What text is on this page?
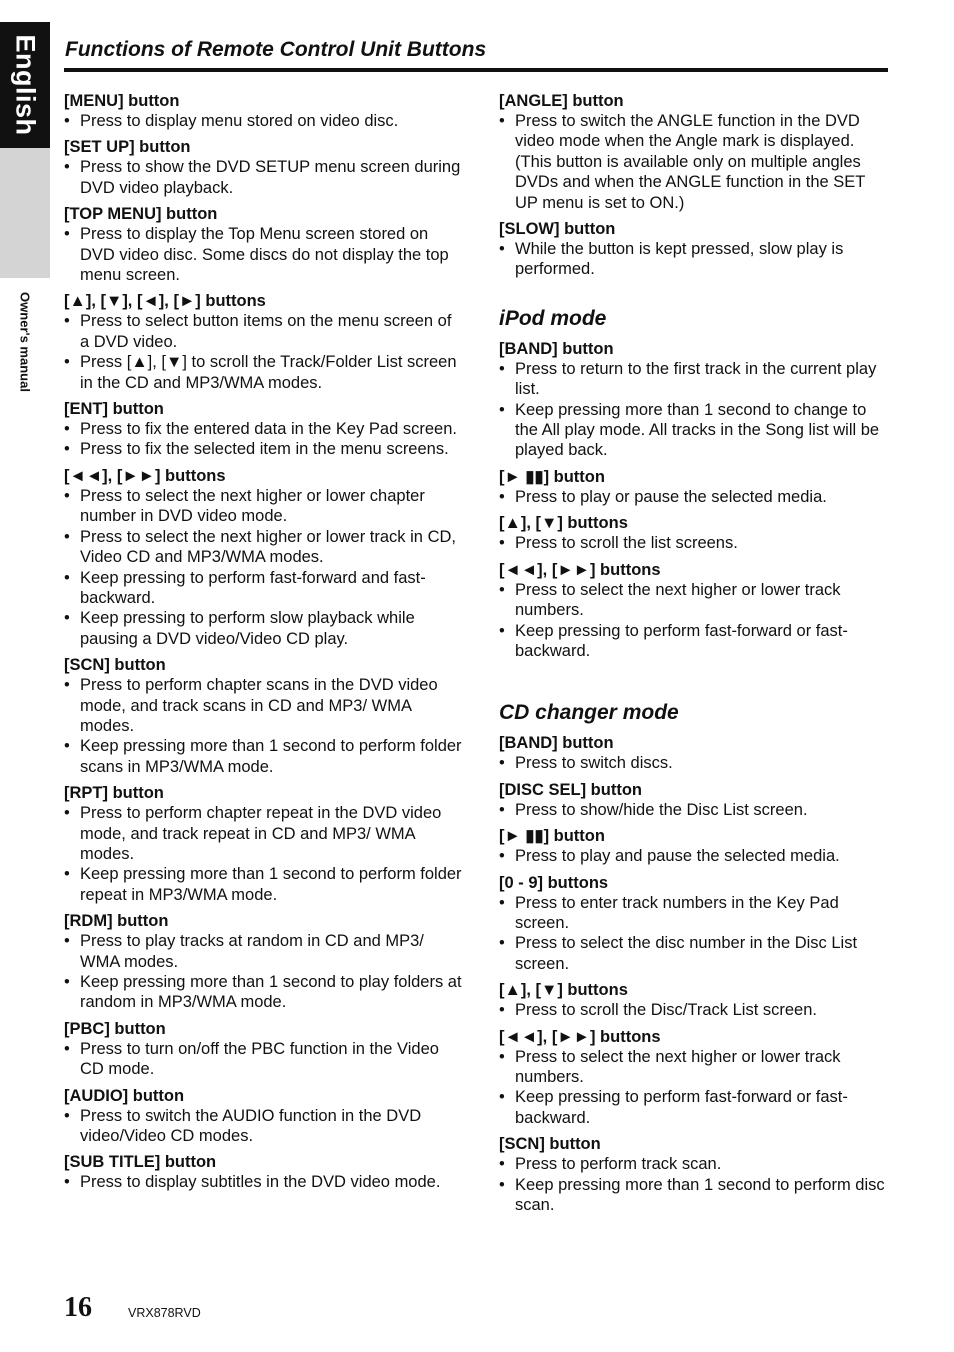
English
Owner's manual
Functions of Remote Control Unit Buttons
[MENU] button
• Press to display menu stored on video disc.
[SET UP] button
• Press to show the DVD SETUP menu screen during DVD video playback.
[TOP MENU] button
• Press to display the Top Menu screen stored on DVD video disc. Some discs do not display the top menu screen.
[▲], [▼], [◄], [►] buttons
• Press to select button items on the menu screen of a DVD video.
• Press [▲], [▼] to scroll the Track/Folder List screen in the CD and MP3/WMA modes.
[ENT] button
• Press to fix the entered data in the Key Pad screen.
• Press to fix the selected item in the menu screens.
[◄◄], [►►] buttons
• Press to select the next higher or lower chapter number in DVD video mode.
• Press to select the next higher or lower track in CD, Video CD and MP3/WMA modes.
• Keep pressing to perform fast-forward and fast-backward.
• Keep pressing to perform slow playback while pausing a DVD video/Video CD play.
[SCN] button
• Press to perform chapter scans in the DVD video mode, and track scans in CD and MP3/ WMA modes.
• Keep pressing more than 1 second to perform folder scans in MP3/WMA mode.
[RPT] button
• Press to perform chapter repeat in the DVD video mode, and track repeat in CD and MP3/ WMA modes.
• Keep pressing more than 1 second to perform folder repeat in MP3/WMA mode.
[RDM] button
• Press to play tracks at random in CD and MP3/ WMA modes.
• Keep pressing more than 1 second to play folders at random in MP3/WMA mode.
[PBC] button
• Press to turn on/off the PBC function in the Video CD mode.
[AUDIO] button
• Press to switch the AUDIO function in the DVD video/Video CD modes.
[SUB TITLE] button
• Press to display subtitles in the DVD video mode.
[ANGLE] button
• Press to switch the ANGLE function in the DVD video mode when the Angle mark is displayed. (This button is available only on multiple angles DVDs and when the ANGLE function in the SET UP menu is set to ON.)
[SLOW] button
• While the button is kept pressed, slow play is performed.
iPod mode
[BAND] button
• Press to return to the first track in the current play list.
• Keep pressing more than 1 second to change to the All play mode. All tracks in the Song list will be played back.
[► ▮▮] button
• Press to play or pause the selected media.
[▲], [▼] buttons
• Press to scroll the list screens.
[◄◄], [►►] buttons
• Press to select the next higher or lower track numbers.
• Keep pressing to perform fast-forward or fast-backward.
CD changer mode
[BAND] button
• Press to switch discs.
[DISC SEL] button
• Press to show/hide the Disc List screen.
[► ▮▮] button
• Press to play and pause the selected media.
[0 - 9] buttons
• Press to enter track numbers in the Key Pad screen.
• Press to select the disc number in the Disc List screen.
[▲], [▼] buttons
• Press to scroll the Disc/Track List screen.
[◄◄], [►►] buttons
• Press to select the next higher or lower track numbers.
• Keep pressing to perform fast-forward or fast-backward.
[SCN] button
• Press to perform track scan.
• Keep pressing more than 1 second to perform disc scan.
16	VRX878RVD
